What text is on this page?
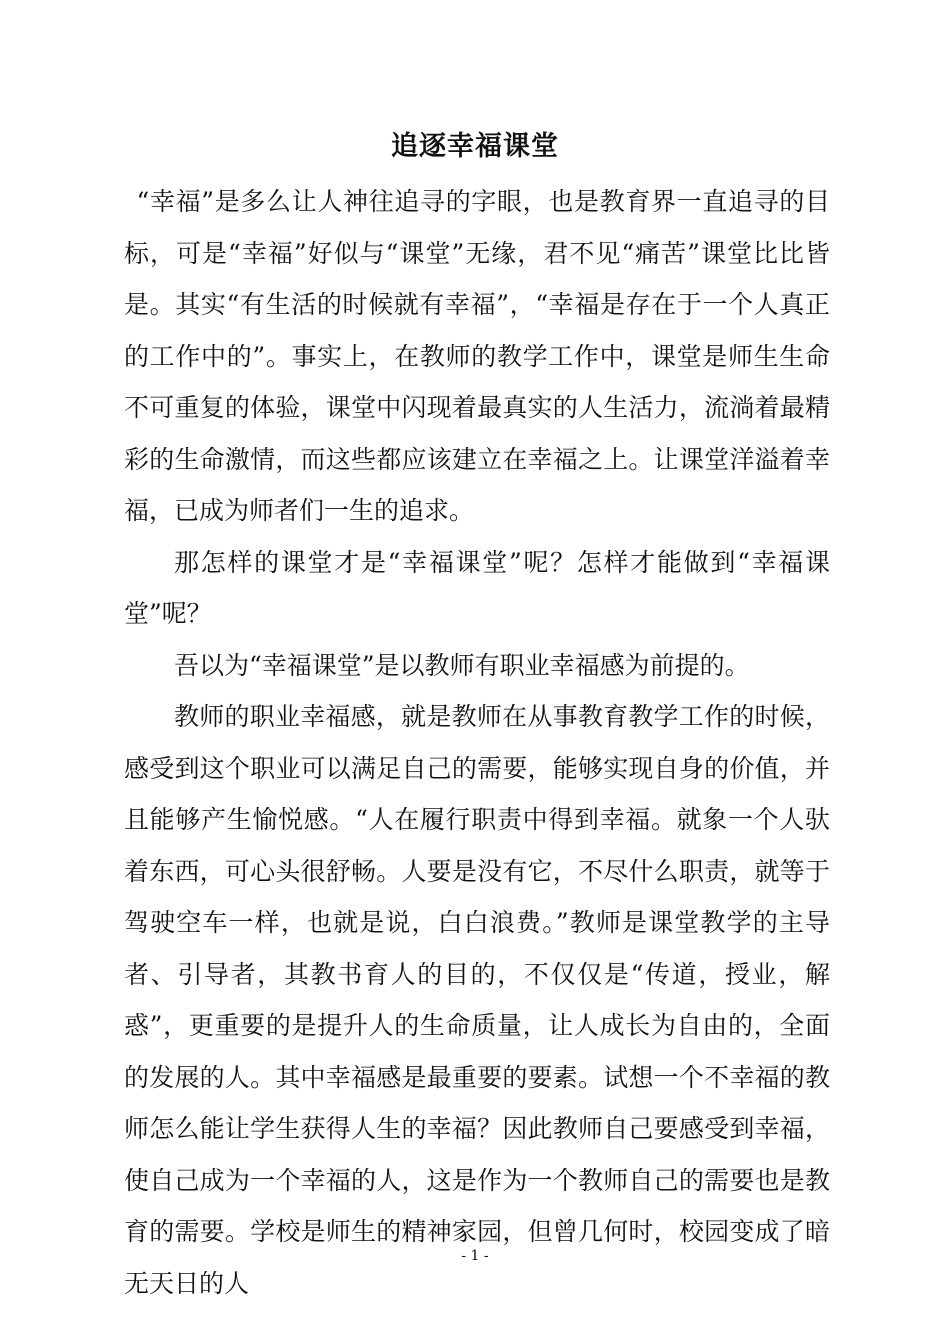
追逐幸福课堂

“幸福”是多么让人神往追寻的字眼，也是教育界一直追寻的目标，可是“幸福”好似与“课堂”无缘，君不见“痛苦”课堂比比皆是。其实“有生活的时候就有幸福”，“幸福是存在于一个人真正的工作中的”。事实上，在教师的教学工作中，课堂是师生生命不可重复的体验，课堂中闪现着最真实的人生活力，流淌着最精彩的生命激情，而这些都应该建立在幸福之上。让课堂洋溢着幸福，已成为师者们一生的追求。

那怎样的课堂才是“幸福课堂”呢？怎样才能做到“幸福课堂”呢？

吾以为“幸福课堂”是以教师有职业幸福感为前提的。

教师的职业幸福感，就是教师在从事教育教学工作的时候，感受到这个职业可以满足自己的需要，能够实现自身的价值，并且能够产生愉悦感。“人在履行职责中得到幸福。就象一个人驮着东西，可心头很舒畅。人要是没有它，不尽什么职责，就等于驾驶空车一样，也就是说，白白浪费。”教师是课堂教学的主导者、引导者，其教书育人的目的，不仅仅是“传道，授业，解惑”，更重要的是提升人的生命质量，让人成长为自由的，全面的发展的人。其中幸福感是最重要的要素。试想一个不幸福的教师怎么能让学生获得人生的幸福？因此教师自己要感受到幸福，使自己成为一个幸福的人，这是作为一个教师自己的需要也是教育的需要。学校是师生的精神家园，但曾几何时，校园变成了暗无天日的人

- 1 -
